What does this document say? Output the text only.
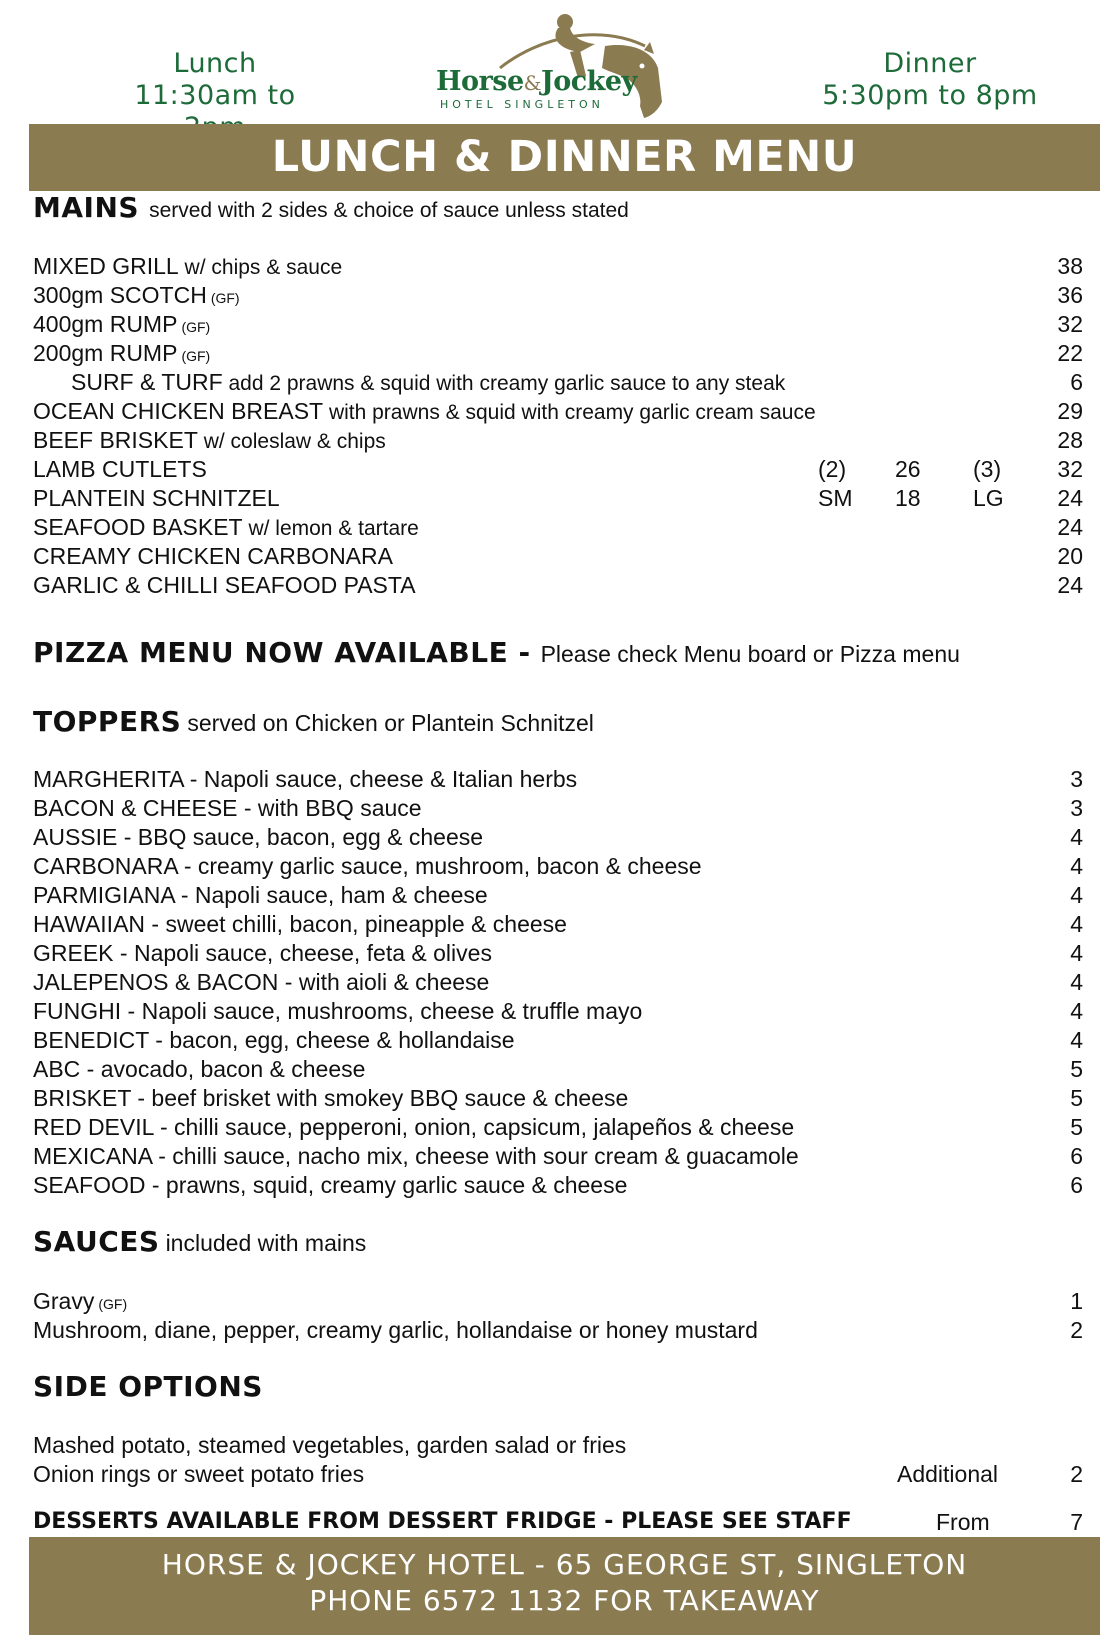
Lunch
11:30am to	Horse&Jockey
HOTEL SINGLETON
Dinner
5:30pm to 8pm
LUNCH & DINNER MENU
MAINS served with 2 sides & choice of sauce unless stated
MIXED GRILL w/ chips & sauce	38
300gm SCOTCH (GF)	36
400gm RUMP (GF)	32
200gm RUMP (GF)	22
SURF & TURF add 2 prawns & squid with creamy garlic sauce to any steak	6
OCEAN CHICKEN BREAST with prawns & squid with creamy garlic cream sauce	29
BEEF BRISKET w/ coleslaw & chips	28
LAMB CUTLETS	(2) 26 (3)	32
PLANTEIN SCHNITZEL	SM 18 LG	24
SEAFOOD BASKET w/ lemon & tartare	24
CREAMY CHICKEN CARBONARA	20
GARLIC & CHILLI SEAFOOD PASTA	24
PIZZA MENU NOW AVAILABLE - Please check Menu board or Pizza menu
TOPPERS served on Chicken or Plantein Schnitzel
MARGHERITA - Napoli sauce, cheese & Italian herbs	3
BACON & CHEESE - with BBQ sauce	3
AUSSIE - BBQ sauce, bacon, egg & cheese	4
CARBONARA - creamy garlic sauce, mushroom, bacon & cheese	4
PARMIGIANA - Napoli sauce, ham & cheese	4
HAWAIIAN - sweet chilli, bacon, pineapple & cheese	4
GREEK - Napoli sauce, cheese, feta & olives	4
JALEPENOS & BACON - with aioli & cheese	4
FUNGHI - Napoli sauce, mushrooms, cheese & truffle mayo	4
BENEDICT - bacon, egg, cheese & hollandaise	4
ABC - avocado, bacon & cheese	5
BRISKET - beef brisket with smokey BBQ sauce & cheese	5
RED DEVIL - chilli sauce, pepperoni, onion, capsicum, jalapeños & cheese	5
MEXICANA - chilli sauce, nacho mix, cheese with sour cream & guacamole	6
SEAFOOD - prawns, squid, creamy garlic sauce & cheese	6
SAUCES included with mains
Gravy (GF)	1
Mushroom, diane, pepper, creamy garlic, hollandaise or honey mustard	2
SIDE OPTIONS
Mashed potato, steamed vegetables, garden salad or fries
Onion rings or sweet potato fries	Additional	2
DESSERTS AVAILABLE FROM DESSERT FRIDGE - PLEASE SEE STAFF	From	7
HORSE & JOCKEY HOTEL - 65 GEORGE ST, SINGLETON
PHONE 6572 1132 FOR TAKEAWAY
